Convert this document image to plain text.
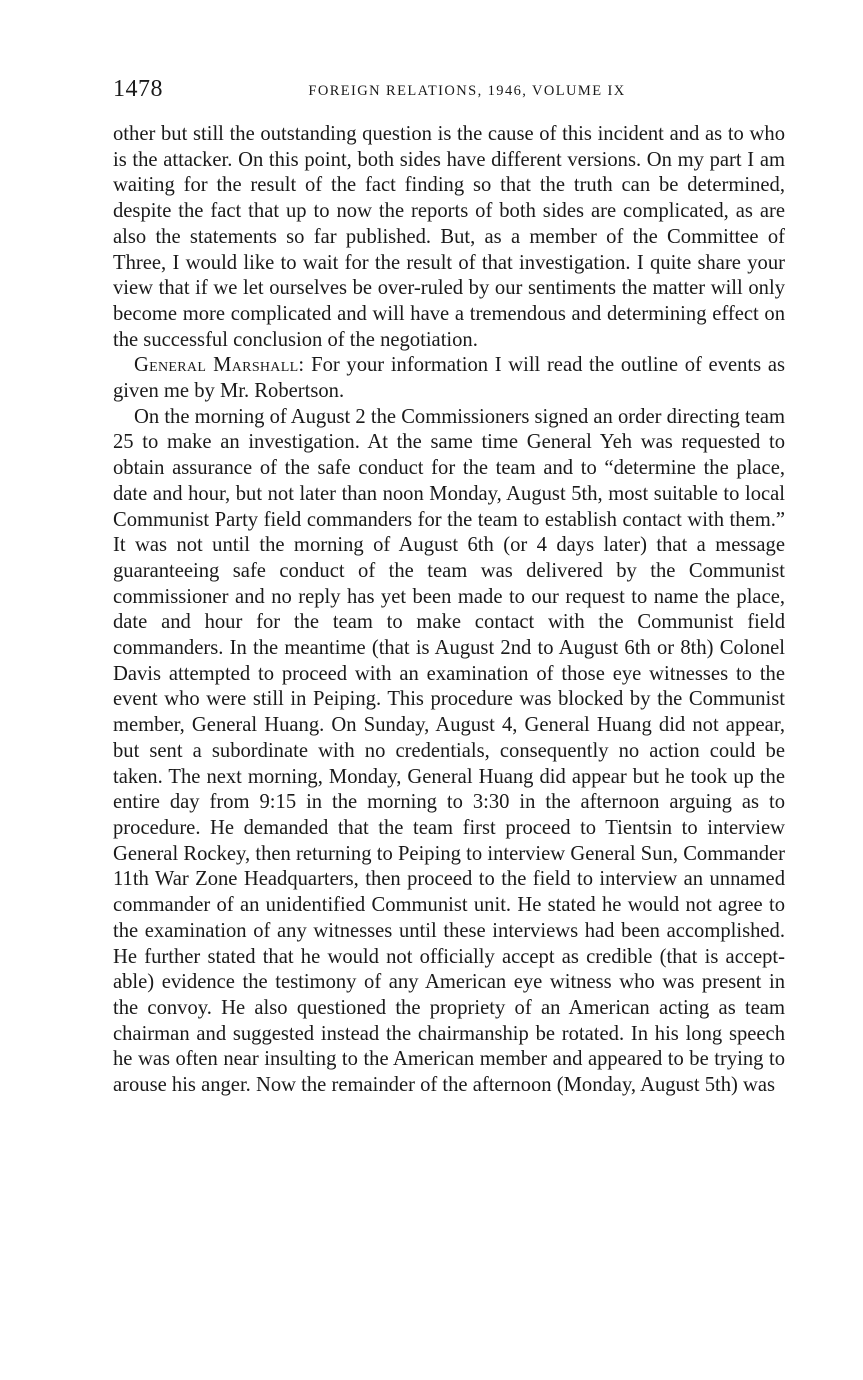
1478	FOREIGN RELATIONS, 1946, VOLUME IX

other but still the outstanding question is the cause of this incident and as to who is the attacker. On this point, both sides have different versions. On my part I am waiting for the result of the fact finding so that the truth can be determined, despite the fact that up to now the reports of both sides are complicated, as are also the statements so far published. But, as a member of the Committee of Three, I would like to wait for the result of that investigation. I quite share your view that if we let ourselves be over-ruled by our sentiments the matter will only become more complicated and will have a tremendous and determining effect on the successful conclusion of the negotiation.

General Marshall: For your information I will read the outline of events as given me by Mr. Robertson.

On the morning of August 2 the Commissioners signed an order directing team 25 to make an investigation. At the same time General Yeh was requested to obtain assurance of the safe conduct for the team and to “determine the place, date and hour, but not later than noon Monday, August 5th, most suitable to local Communist Party field commanders for the team to establish contact with them.” It was not until the morning of August 6th (or 4 days later) that a message guaranteeing safe conduct of the team was delivered by the Communist commissioner and no reply has yet been made to our request to name the place, date and hour for the team to make contact with the Communist field commanders. In the meantime (that is August 2nd to August 6th or 8th) Colonel Davis attempted to proceed with an examination of those eye witnesses to the event who were still in Peiping. This procedure was blocked by the Communist member, General Huang. On Sunday, August 4, General Huang did not appear, but sent a subordinate with no credentials, consequently no action could be taken. The next morning, Monday, General Huang did appear but he took up the entire day from 9:15 in the morning to 3:30 in the afternoon arguing as to procedure. He demanded that the team first proceed to Tientsin to interview General Rockey, then returning to Peiping to interview General Sun, Commander 11th War Zone Headquarters, then proceed to the field to interview an unnamed commander of an unidentified Communist unit. He stated he would not agree to the examination of any witnesses until these interviews had been accomplished. He further stated that he would not officially accept as credible (that is acceptable) evidence the testimony of any American eye witness who was present in the convoy. He also questioned the propriety of an American acting as team chairman and suggested instead the chairmanship be rotated. In his long speech he was often near insulting to the American member and appeared to be trying to arouse his anger. Now the remainder of the afternoon (Monday, August 5th) was
